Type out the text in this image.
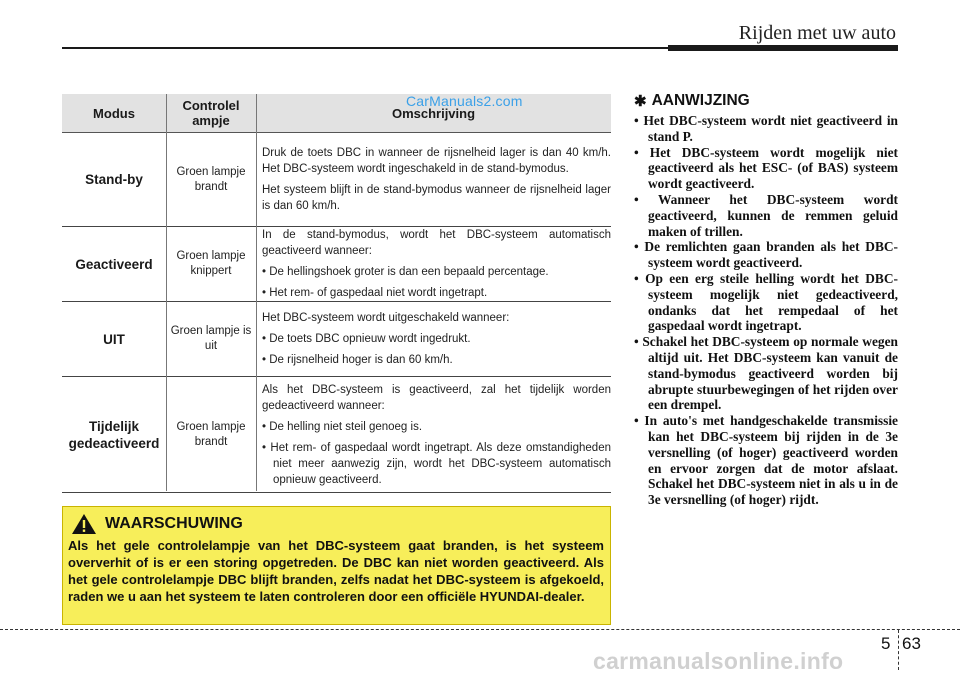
Rijden met uw auto
Modus	Controlelampje	Omschrijving
Stand-by
Groen lampje brandt

Druk de toets DBC in wanneer de rijsnelheid lager is dan 40 km/h. Het DBC-systeem wordt ingeschakeld in de stand-bymodus.

Het systeem blijft in de stand-bymodus wanneer de rijsnelheid lager is dan 60 km/h.

Geactiveerd
Groen lampje knippert

In de stand-bymodus, wordt het DBC-systeem automatisch geactiveerd wanneer:

• De hellingshoek groter is dan een bepaald percentage.

• Het rem- of gaspedaal niet wordt ingetrapt.

UIT
Groen lampje is uit

Het DBC-systeem wordt uitgeschakeld wanneer:

• De toets DBC opnieuw wordt ingedrukt.

• De rijsnelheid hoger is dan 60 km/h.

Tijdelijk gedeactiveerd
Groen lampje brandt

Als het DBC-systeem is geactiveerd, zal het tijdelijk worden gedeactiveerd wanneer:

• De helling niet steil genoeg is.

• Het rem- of gaspedaal wordt ingetrapt. Als deze omstandigheden niet meer aanwezig zijn, wordt het DBC-systeem automatisch opnieuw geactiveerd.

CarManuals2.com
WAARSCHUWING
Als het gele controlelampje van het DBC-systeem gaat branden, is het systeem oververhit of is er een storing opgetreden. De DBC kan niet worden geactiveerd. Als het gele controlelampje DBC blijft branden, zelfs nadat het DBC-systeem is afgekoeld, raden we u aan het systeem te laten controleren door een officiële HYUNDAI-dealer.
✱ AANWIJZING
• Het DBC-systeem wordt niet geactiveerd in stand P.
• Het DBC-systeem wordt mogelijk niet geactiveerd als het ESC- (of BAS) systeem wordt geactiveerd.
• Wanneer het DBC-systeem wordt geactiveerd, kunnen de remmen geluid maken of trillen.
• De remlichten gaan branden als het DBC-systeem wordt geactiveerd.
• Op een erg steile helling wordt het DBC-systeem mogelijk niet gedeactiveerd, ondanks dat het rempedaal of het gaspedaal wordt ingetrapt.
• Schakel het DBC-systeem op normale wegen altijd uit. Het DBC-systeem kan vanuit de stand-bymodus geactiveerd worden bij abrupte stuurbewegingen of het rijden over een drempel.
• In auto's met handgeschakelde transmissie kan het DBC-systeem bij rijden in de 3e versnelling (of hoger) geactiveerd worden en ervoor zorgen dat de motor afslaat. Schakel het DBC-systeem niet in als u in de 3e versnelling (of hoger) rijdt.
5 63
carmanualsonline.info
